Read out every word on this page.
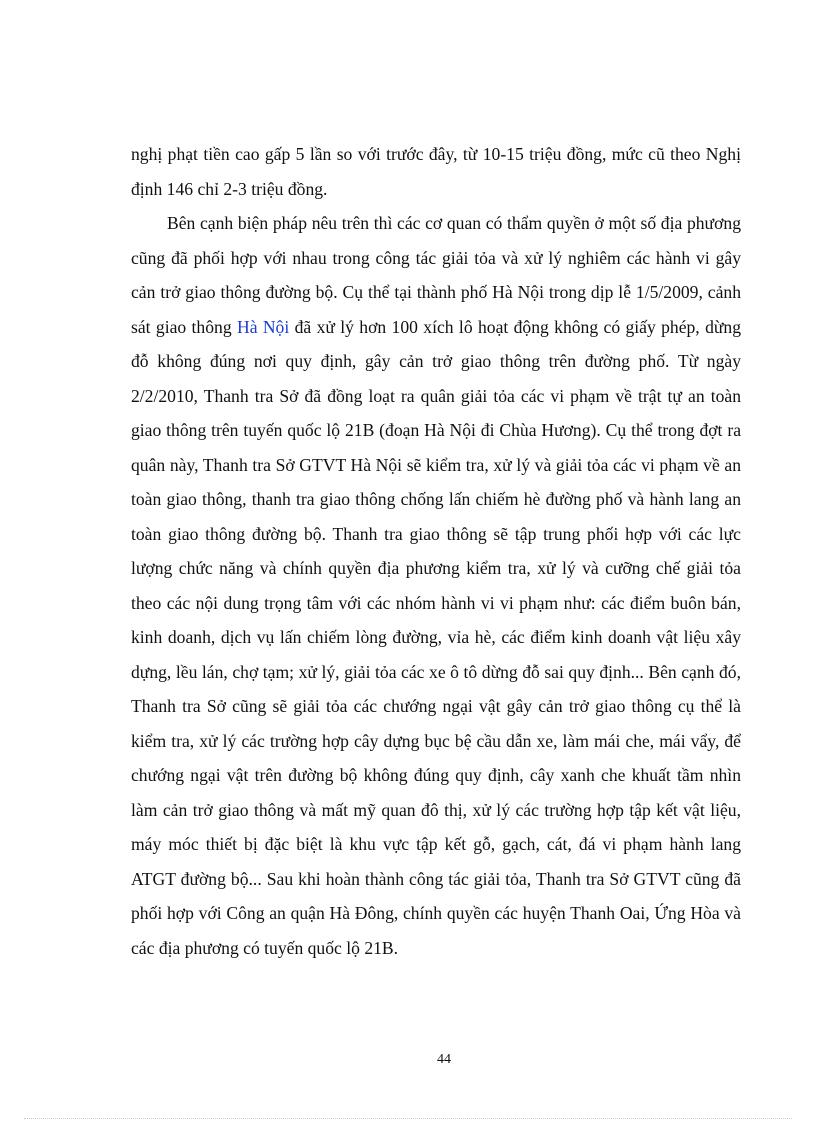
nghị phạt tiền cao gấp 5 lần so với trước đây, từ 10-15 triệu đồng, mức cũ theo Nghị định 146 chỉ 2-3 triệu đồng.

Bên cạnh biện pháp nêu trên thì các cơ quan có thẩm quyền ở một số địa phương cũng đã phối hợp với nhau trong công tác giải tỏa và xử lý nghiêm các hành vi gây cản trở giao thông đường bộ. Cụ thể tại thành phố Hà Nội trong dịp lễ 1/5/2009, cảnh sát giao thông Hà Nội đã xử lý hơn 100 xích lô hoạt động không có giấy phép, dừng đỗ không đúng nơi quy định, gây cản trở giao thông trên đường phố. Từ ngày 2/2/2010, Thanh tra Sở đã đồng loạt ra quân giải tỏa các vi phạm về trật tự an toàn giao thông trên tuyến quốc lộ 21B (đoạn Hà Nội đi Chùa Hương). Cụ thể trong đợt ra quân này, Thanh tra Sở GTVT Hà Nội sẽ kiểm tra, xử lý và giải tỏa các vi phạm về an toàn giao thông, thanh tra giao thông chống lấn chiếm hè đường phố và hành lang an toàn giao thông đường bộ. Thanh tra giao thông sẽ tập trung phối hợp với các lực lượng chức năng và chính quyền địa phương kiểm tra, xử lý và cưỡng chế giải tỏa theo các nội dung trọng tâm với các nhóm hành vi vi phạm như: các điểm buôn bán, kinh doanh, dịch vụ lấn chiếm lòng đường, vỉa hè, các điểm kinh doanh vật liệu xây dựng, lều lán, chợ tạm; xử lý, giải tỏa các xe ô tô dừng đỗ sai quy định... Bên cạnh đó, Thanh tra Sở cũng sẽ giải tỏa các chướng ngại vật gây cản trở giao thông cụ thể là kiểm tra, xử lý các trường hợp cây dựng bục bệ cầu dẫn xe, làm mái che, mái vẩy, để chướng ngại vật trên đường bộ không đúng quy định, cây xanh che khuất tầm nhìn làm cản trở giao thông và mất mỹ quan đô thị, xử lý các trường hợp tập kết vật liệu, máy móc thiết bị đặc biệt là khu vực tập kết gỗ, gạch, cát, đá vi phạm hành lang ATGT đường bộ... Sau khi hoàn thành công tác giải tỏa, Thanh tra Sở GTVT cũng đã phối hợp với Công an quận Hà Đông, chính quyền các huyện Thanh Oai, Ứng Hòa và các địa phương có tuyến quốc lộ 21B.

44
